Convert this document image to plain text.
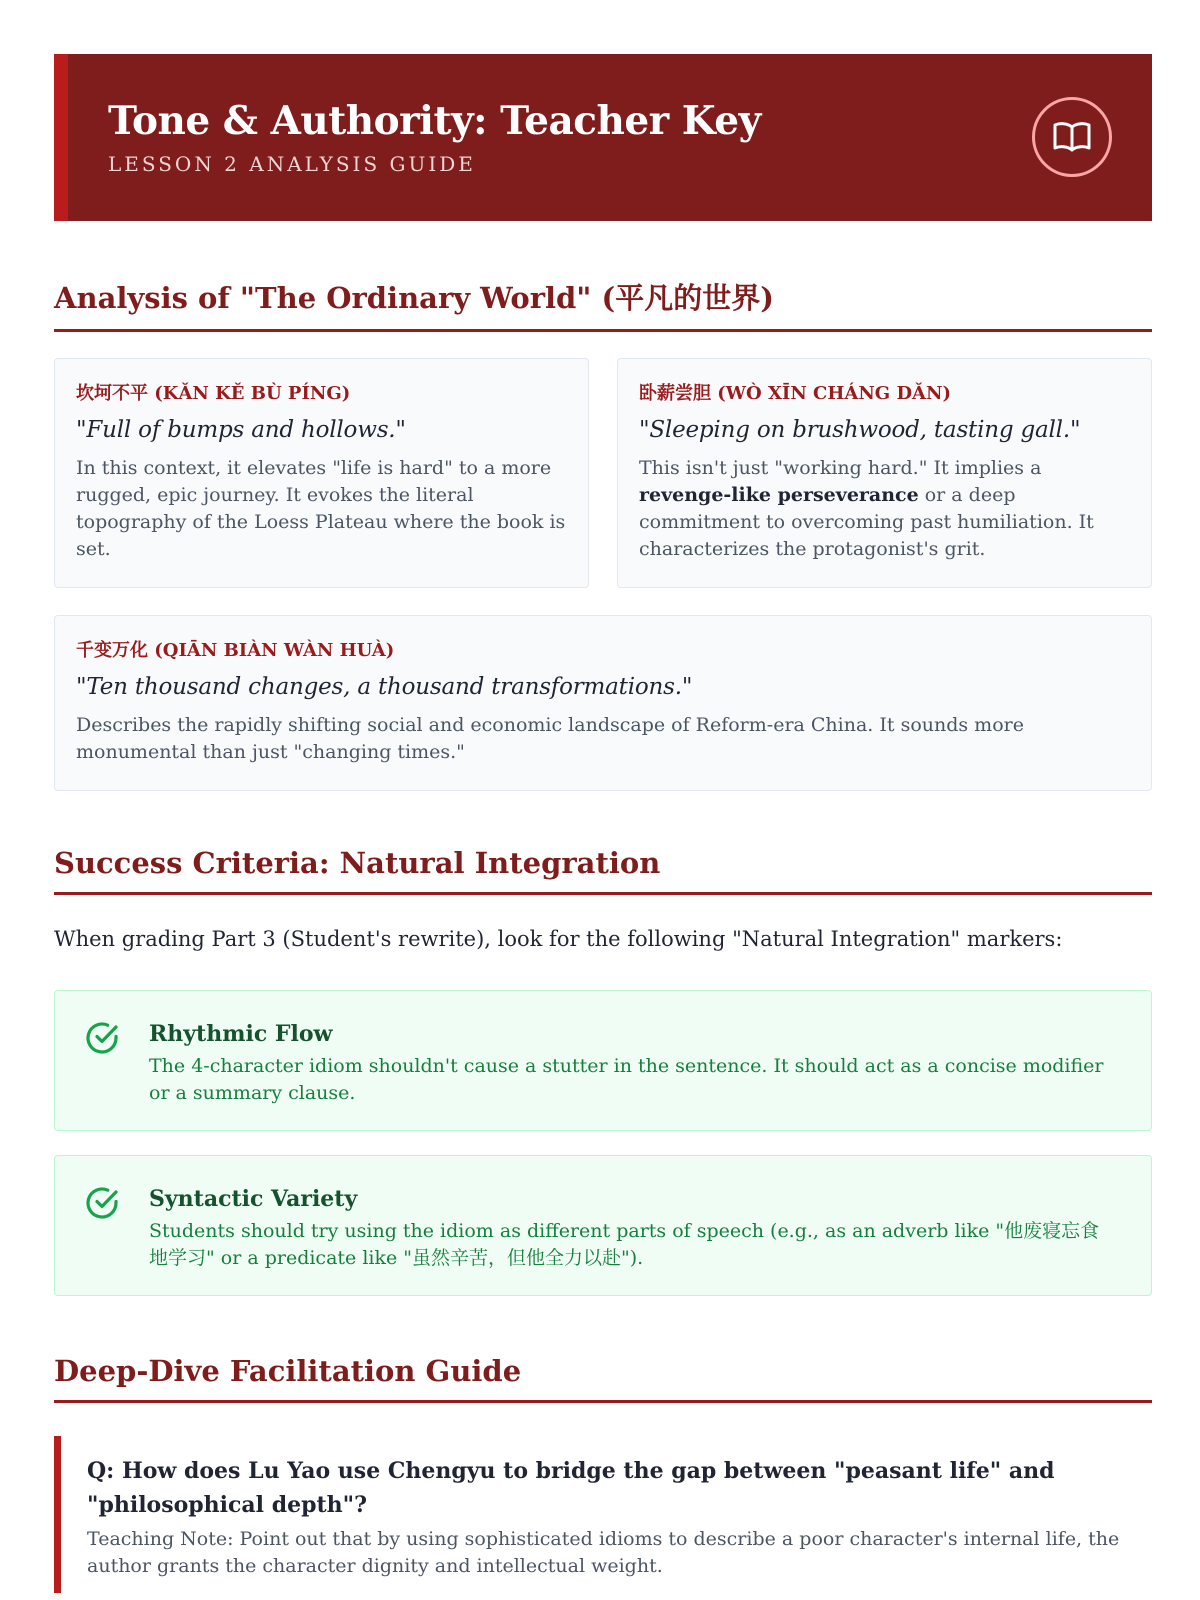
Tone & Authority: Teacher Key
LESSON 2 ANALYSIS GUIDE
Analysis of "The Ordinary World" (平凡的世界)
坎坷不平 (KǍN KĚ BÙ PÍNG)
"Full of bumps and hollows."
In this context, it elevates "life is hard" to a more rugged, epic journey. It evokes the literal topography of the Loess Plateau where the book is set.
卧薪尝胆 (WÒ XĪN CHÁNG DǍN)
"Sleeping on brushwood, tasting gall."
This isn't just "working hard." It implies a revenge-like perseverance or a deep commitment to overcoming past humiliation. It characterizes the protagonist's grit.
千变万化 (QIĀN BIÀN WÀN HUÀ)
"Ten thousand changes, a thousand transformations."
Describes the rapidly shifting social and economic landscape of Reform-era China. It sounds more monumental than just "changing times."
Success Criteria: Natural Integration
When grading Part 3 (Student's rewrite), look for the following "Natural Integration" markers:
Rhythmic Flow
The 4-character idiom shouldn't cause a stutter in the sentence. It should act as a concise modifier or a summary clause.
Syntactic Variety
Students should try using the idiom as different parts of speech (e.g., as an adverb like "他废寝忘食地学习" or a predicate like "虽然辛苦，但他全力以赴").
Deep-Dive Facilitation Guide
Q: How does Lu Yao use Chengyu to bridge the gap between "peasant life" and "philosophical depth"?
Teaching Note: Point out that by using sophisticated idioms to describe a poor character's internal life, the author grants the character dignity and intellectual weight.
